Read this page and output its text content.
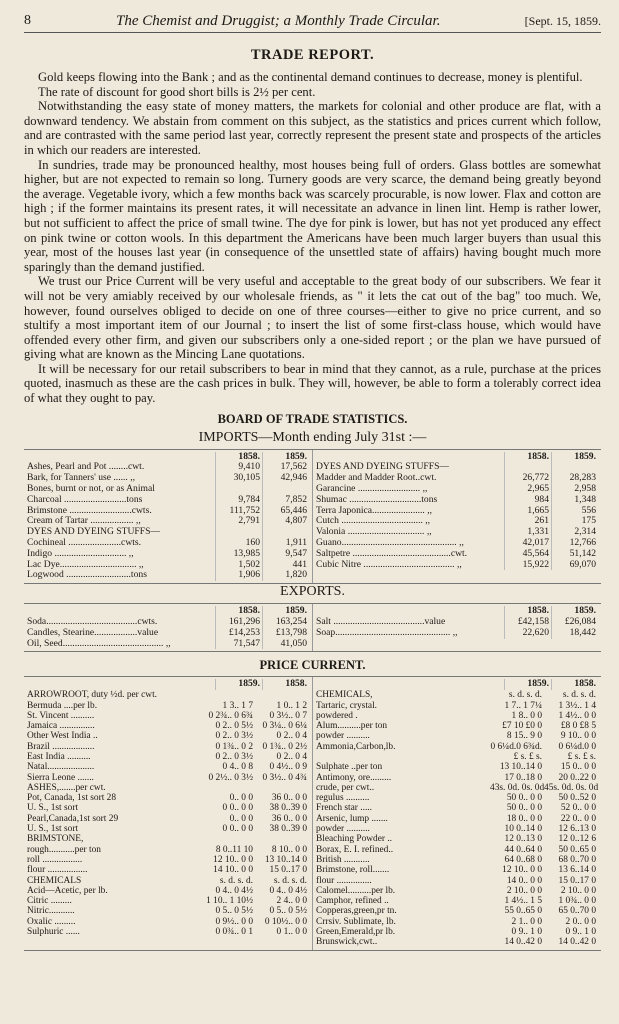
8	The Chemist and Druggist; a Monthly Trade Circular.	[Sept. 15, 1859.
TRADE REPORT.

Gold keeps flowing into the Bank ; and as the continental demand continues to decrease, money is plentiful.

The rate of discount for good short bills is 2½ per cent.

Notwithstanding the easy state of money matters, the markets for colonial and other produce are flat, with a downward tendency. We abstain from comment on this subject, as the statistics and prices current which follow, and are contrasted with the same period last year, correctly represent the present state and prospects of the articles in which our readers are interested.

In sundries, trade may be pronounced healthy, most houses being full of orders. Glass bottles are somewhat higher, but are not expected to remain so long. Turnery goods are very scarce, the demand being greatly beyond the average. Vegetable ivory, which a few months back was scarcely procurable, is now lower. Flax and cotton are high ; if the former maintains its present rates, it will necessitate an advance in linen lint. Hemp is rather lower, but not sufficient to affect the price of small twine. The dye for pink is lower, but has not yet produced any effect on pink twine or cotton wools. In this department the Americans have been much larger buyers than usual this year, most of the houses last year (in consequence of the unsettled state of affairs) having bought much more sparingly than the demand justified.

We trust our Price Current will be very useful and acceptable to the great body of our subscribers. We fear it will not be very amiably received by our wholesale friends, as " it lets the cat out of the bag" too much. We, however, found ourselves obliged to decide on one of three courses—either to give no price current, and so stultify a most important item of our Journal ; to insert the list of some first-class house, which would have offended every other firm, and given our subscribers only a one-sided report ; or the plan we have pursued of giving what are known as the Mincing Lane quotations.

It will be necessary for our retail subscribers to bear in mind that they cannot, as a rule, purchase at the prices quoted, inasmuch as these are the cash prices in bulk. They will, however, be able to form a tolerably correct idea of what they ought to pay.

BOARD OF TRADE STATISTICS.
IMPORTS—Month ending July 31st :—
1858.	1859.
Ashes, Pearl and Pot ........cwt.	9,410	17,562
Bark, for Tanners' use ...... ,,	30,105	42,946
Bones, burnt or not, or as Animal
Charcoal ..........................tons	9,784	7,852
Brimstone ..........................cwts.	111,752	65,446
Cream of Tartar .................. ,,	2,791	4,807
DYES AND DYEING STUFFS—
Cochineal ......................cwts.	160	1,911
Indigo .............................. ,,	13,985	9,547
Lac Dye................................ ,,	1,502	441
Logwood ...........................tons	1,906	1,820
1858.	1859.
DYES AND DYEING STUFFS—
Madder and Madder Root..cwt.	26,772	28,283
Garancine .......................... ,,	2,965	2,958
Shumac ..............................tons	984	1,348
Terra Japonica...................... ,,	1,665	556
Cutch .................................. ,,	261	175
Valonia ................................ ,,	1,331	2,314
Guano................................................ ,,	42,017	12,766
Saltpetre .........................................cwt.	45,564	51,142
Cubic Nitre ...................................... ,,	15,922	69,070
EXPORTS.
1858.	1859.
Soda......................................cwts.	161,296	163,254
Candles, Stearine..................value	£14,253	£13,798
Oil, Seed.......................................... ,,	71,547	41,050
1858.	1859.
Salt ......................................value	£42,158	£26,084
Soap................................................ ,,	22,620	18,442
PRICE CURRENT.
1859.	1858.
ARROWROOT, duty ½d. per cwt.
Bermuda ....per lb.	1 3.. 1 7	1 0.. 1 2
St. Vincent ..........	0 2¾.. 0 6¾	0 3½.. 0 7
Jamaica ...............	0 2.. 0 5½	0 3¼.. 0 6¼
Other West India ..	0 2.. 0 3½	0 2.. 0 4
Brazil ..................	0 1¾.. 0 2	0 1¾.. 0 2½
East India ..........	0 2.. 0 3½	0 2.. 0 4
Natal....................	0 4.. 0 8	0 4½.. 0 9
Sierra Leone .......	0 2½.. 0 3½	0 3½.. 0 4¾
ASHES,.......per cwt.
Pot, Canada, 1st sort 28	0.. 0 0	36 0.. 0 0
U. S., 1st sort	0 0.. 0 0	38 0..39 0
Pearl,Canada,1st sort 29	0.. 0 0	36 0.. 0 0
U. S., 1st sort	0 0.. 0 0	38 0..39 0
BRIMSTONE,
rough...........per ton	8 0..11 10	8 10.. 0 0
roll .................	12 10.. 0 0	13 10..14 0
flour .................	14 10.. 0 0	15 0..17 0
CHEMICALS	s. d. s. d.	s. d. s. d.
Acid—Acetic, per lb.	0 4.. 0 4½	0 4.. 0 4½
Citric .........	1 10.. 1 10½	2 4.. 0 0
Nitric...........	0 5.. 0 5½	0 5.. 0 5½
Oxalic .........	0 9½.. 0 0	0 10½.. 0 0
Sulphuric ......	0 0¾.. 0 1	0 1.. 0 0
1859.	1858.
CHEMICALS,	s. d. s. d.	s. d. s. d.
Tartaric, crystal.	1 7.. 1 7¼	1 3½.. 1 4
powdered .	1 8.. 0 0	1 4½.. 0 0
Alum..........per ton	£7 10 £0 0	£8 0 £8 5
powder ..........	8 15.. 9 0	9 10.. 0 0
Ammonia,Carbon,lb.	0 6¼d.0 6¾d.	0 6¼d.0 0
£ s. £ s.	£ s. £ s.
Sulphate ..per ton	13 10..14 0	15 0.. 0 0
Antimony, ore.........	17 0..18 0	20 0..22 0
crude, per cwt..	43s. 0d. 0s. 0d 45s. 0d. 0s. 0d
regulus ..........	50 0.. 0 0	50 0..52 0
French star .....	50 0.. 0 0	52 0.. 0 0
Arsenic, lump .......	18 0.. 0 0	22 0.. 0 0
powder ..........	10 0..14 0	12 6..13 0
Bleaching Powder ..	12 0..13 0	12 0..12 6
Borax, E. I. refined..	44 0..64 0	50 0..65 0
British ...........	64 0..68 0	68 0..70 0
Brimstone, roll.......	12 10.. 0 0	13 6..14 0
flour ...............	14 0.. 0 0	15 0..17 0
Calomel..........per lb.	2 10.. 0 0	2 10.. 0 0
Camphor, refined ..	1 4½.. 1 5	1 0¾.. 0 0
Copperas,green,pr tn.	55 0..65 0	65 0..70 0
Crrsiv. Sublimate, lb.	2 1.. 0 0	2 0.. 0 0
Green,Emerald,pr lb.	0 9.. 1 0	0 9.. 1 0
Brunswick,cwt..	14 0..42 0	14 0..42 0
